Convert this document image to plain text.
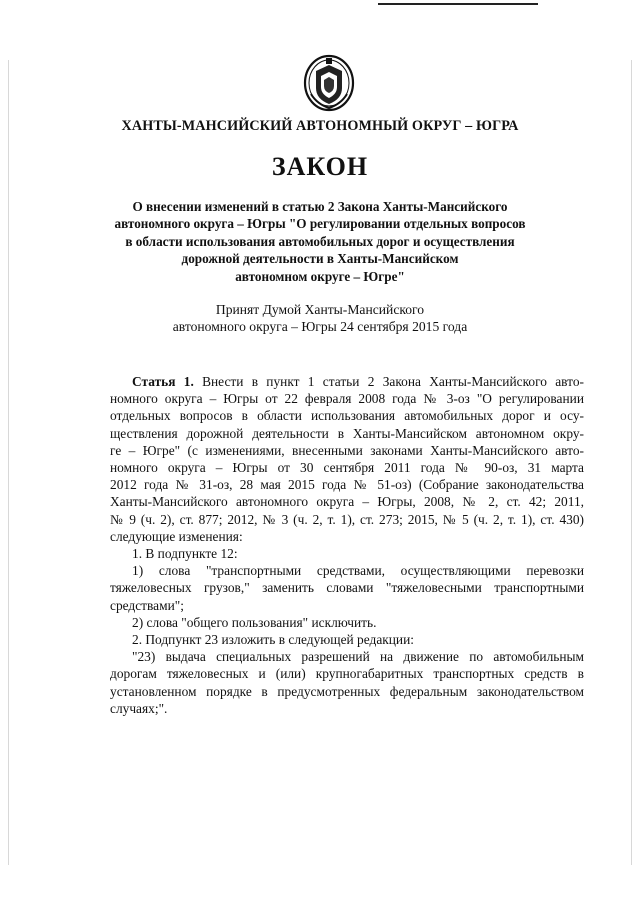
ХАНТЫ-МАНСИЙСКИЙ АВТОНОМНЫЙ ОКРУГ – ЮГРА
ЗАКОН
О внесении изменений в статью 2 Закона Ханты-Мансийского
автономного округа – Югры "О регулировании отдельных вопросов
в области использования автомобильных дорог и осуществления
дорожной деятельности в Ханты-Мансийском
автономном округе – Югре"
Принят Думой Ханты-Мансийского
автономного округа – Югры 24 сентября 2015 года
Статья 1. Внести в пункт 1 статьи 2 Закона Ханты-Мансийского авто-
номного округа – Югры от 22 февраля 2008 года № 3-оз "О регулировании
отдельных вопросов в области использования автомобильных дорог и осу-
ществления дорожной деятельности в Ханты-Мансийском автономном окру-
ге – Югре" (с изменениями, внесенными законами Ханты-Мансийского авто-
номного округа – Югры от 30 сентября 2011 года № 90-оз, 31 марта
2012 года № 31-оз, 28 мая 2015 года № 51-оз) (Собрание законодательства
Ханты-Мансийского автономного округа – Югры, 2008, № 2, ст. 42; 2011,
№ 9 (ч. 2), ст. 877; 2012, № 3 (ч. 2, т. 1), ст. 273; 2015, № 5 (ч. 2, т. 1), ст. 430)
следующие изменения:
1. В подпункте 12:
1) слова "транспортными средствами, осуществляющими перевозки
тяжеловесных грузов," заменить словами "тяжеловесными транспортными
средствами";
2) слова "общего пользования" исключить.
2. Подпункт 23 изложить в следующей редакции:
"23) выдача специальных разрешений на движение по автомобильным
дорогам тяжеловесных и (или) крупногабаритных транспортных средств в
установленном порядке в предусмотренных федеральным законодательством
случаях;".
